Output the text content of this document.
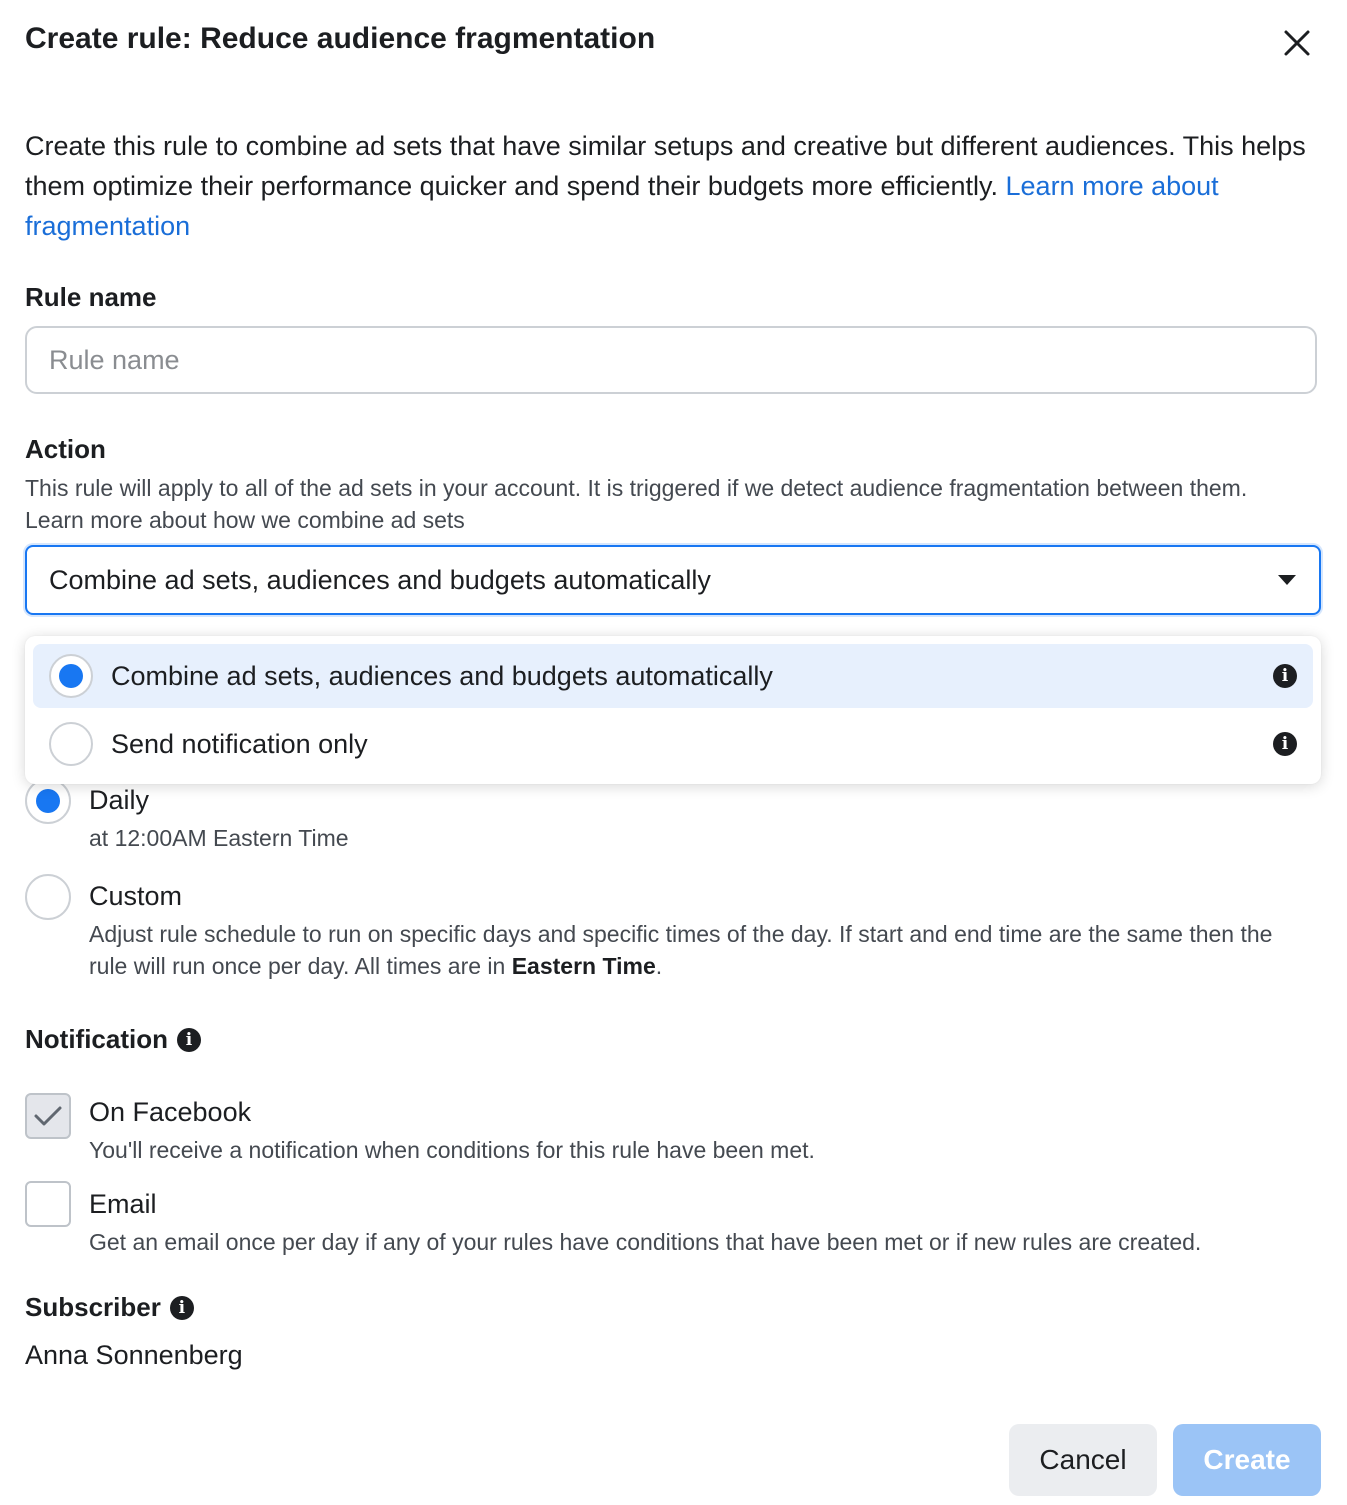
Create rule: Reduce audience fragmentation
Create this rule to combine ad sets that have similar setups and creative but different audiences. This helps them optimize their performance quicker and spend their budgets more efficiently. Learn more about fragmentation
Rule name
Rule name
Action
This rule will apply to all of the ad sets in your account. It is triggered if we detect audience fragmentation between them.
Learn more about how we combine ad sets
Combine ad sets, audiences and budgets automatically
Combine ad sets, audiences and budgets automatically	i
Send notification only	i
Daily
at 12:00AM Eastern Time
Custom
Adjust rule schedule to run on specific days and specific times of the day. If start and end time are the same then the rule will run once per day. All times are in Eastern Time.
Notification	i
On Facebook
You'll receive a notification when conditions for this rule have been met.
Email
Get an email once per day if any of your rules have conditions that have been met or if new rules are created.
Subscriber	i
Anna Sonnenberg
Cancel	Create
